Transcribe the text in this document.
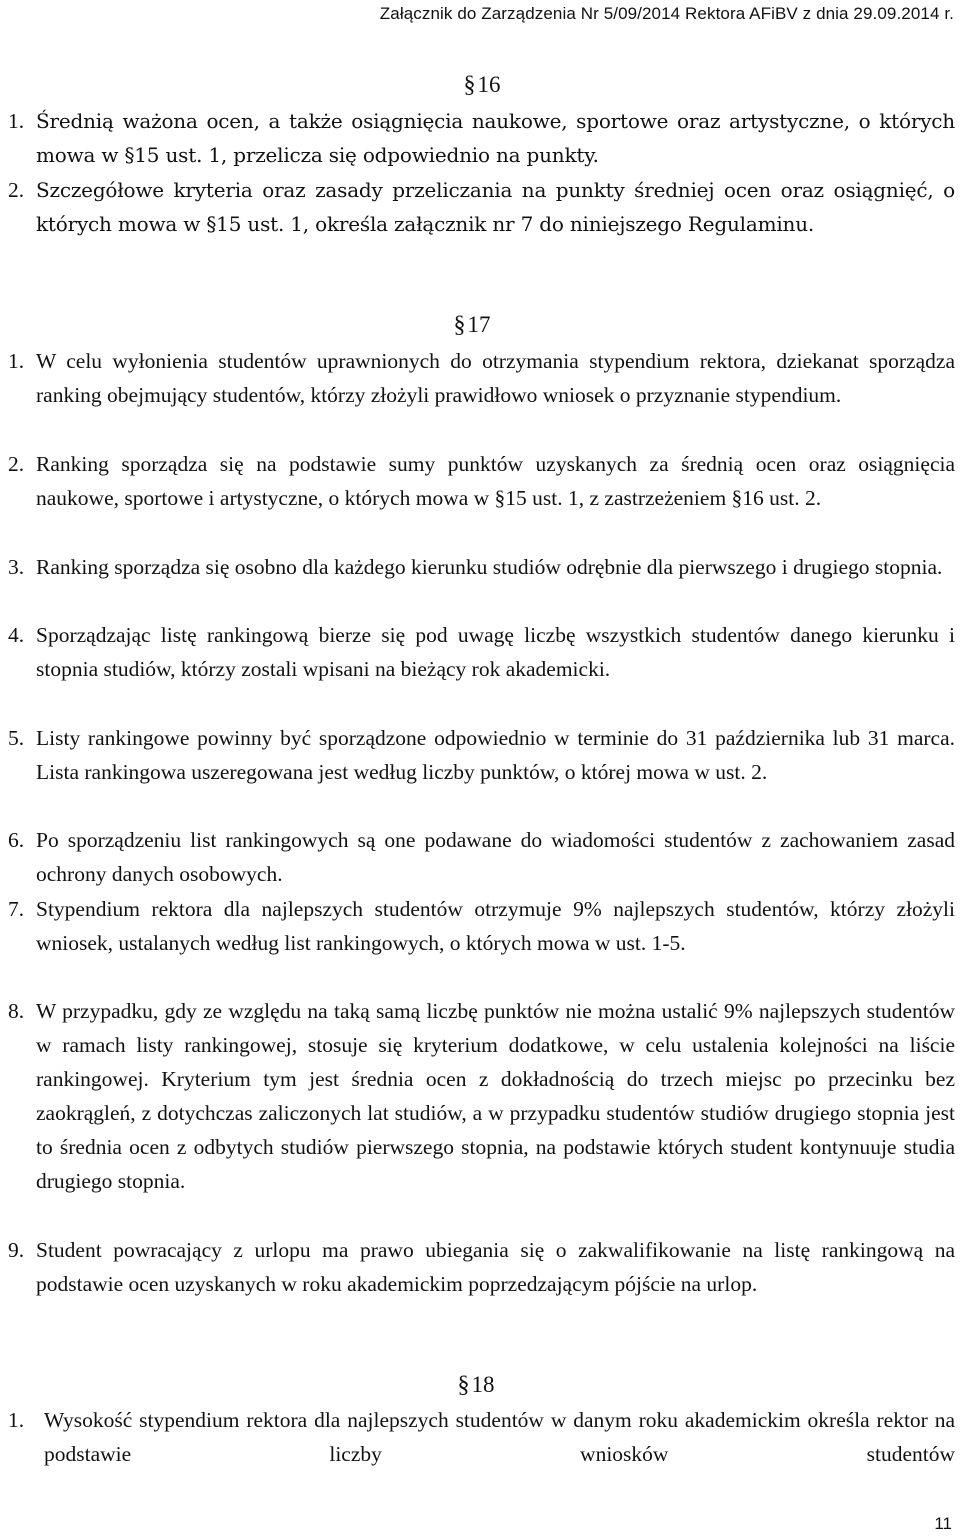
Załącznik do Zarządzenia Nr 5/09/2014 Rektora AFiBV z dnia 29.09.2014 r.
§16
1. Średnią ważona ocen, a także osiągnięcia naukowe, sportowe oraz artystyczne, o których mowa w §15 ust. 1, przelicza się odpowiednio na punkty.
2. Szczegółowe kryteria oraz zasady przeliczania na punkty średniej ocen oraz osiągnięć, o których mowa w §15 ust. 1, określa załącznik nr 7 do niniejszego Regulaminu.
§17
1. W celu wyłonienia studentów uprawnionych do otrzymania stypendium rektora, dziekanat sporządza ranking obejmujący studentów, którzy złożyli prawidłowo wniosek o przyznanie stypendium.
2. Ranking sporządza się na podstawie sumy punktów uzyskanych za średnią ocen oraz osiągnięcia naukowe, sportowe i artystyczne, o których mowa w §15 ust. 1, z zastrzeżeniem §16 ust. 2.
3. Ranking sporządza się osobno dla każdego kierunku studiów odrębnie dla pierwszego i drugiego stopnia.
4. Sporządzając listę rankingową bierze się pod uwagę liczbę wszystkich studentów danego kierunku i stopnia studiów, którzy zostali wpisani na bieżący rok akademicki.
5. Listy rankingowe powinny być sporządzone odpowiednio w terminie do 31 października lub 31 marca. Lista rankingowa uszeregowana jest według liczby punktów, o której mowa w ust. 2.
6. Po sporządzeniu list rankingowych są one podawane do wiadomości studentów z zachowaniem zasad ochrony danych osobowych.
7. Stypendium rektora dla najlepszych studentów otrzymuje 9% najlepszych studentów, którzy złożyli wniosek, ustalanych według list rankingowych, o których mowa w ust. 1-5.
8. W przypadku, gdy ze względu na taką samą liczbę punktów nie można ustalić 9% najlepszych studentów w ramach listy rankingowej, stosuje się kryterium dodatkowe, w celu ustalenia kolejności na liście rankingowej. Kryterium tym jest średnia ocen z dokładnością do trzech miejsc po przecinku bez zaokrągleń, z dotychczas zaliczonych lat studiów, a w przypadku studentów studiów drugiego stopnia jest to średnia ocen z odbytych studiów pierwszego stopnia, na podstawie których student kontynuuje studia drugiego stopnia.
9. Student powracający z urlopu ma prawo ubiegania się o zakwalifikowanie na listę rankingową na podstawie ocen uzyskanych w roku akademickim poprzedzającym pójście na urlop.
§18
1. Wysokość stypendium rektora dla najlepszych studentów w danym roku akademickim określa rektor na podstawie liczby wniosków studentów
11
